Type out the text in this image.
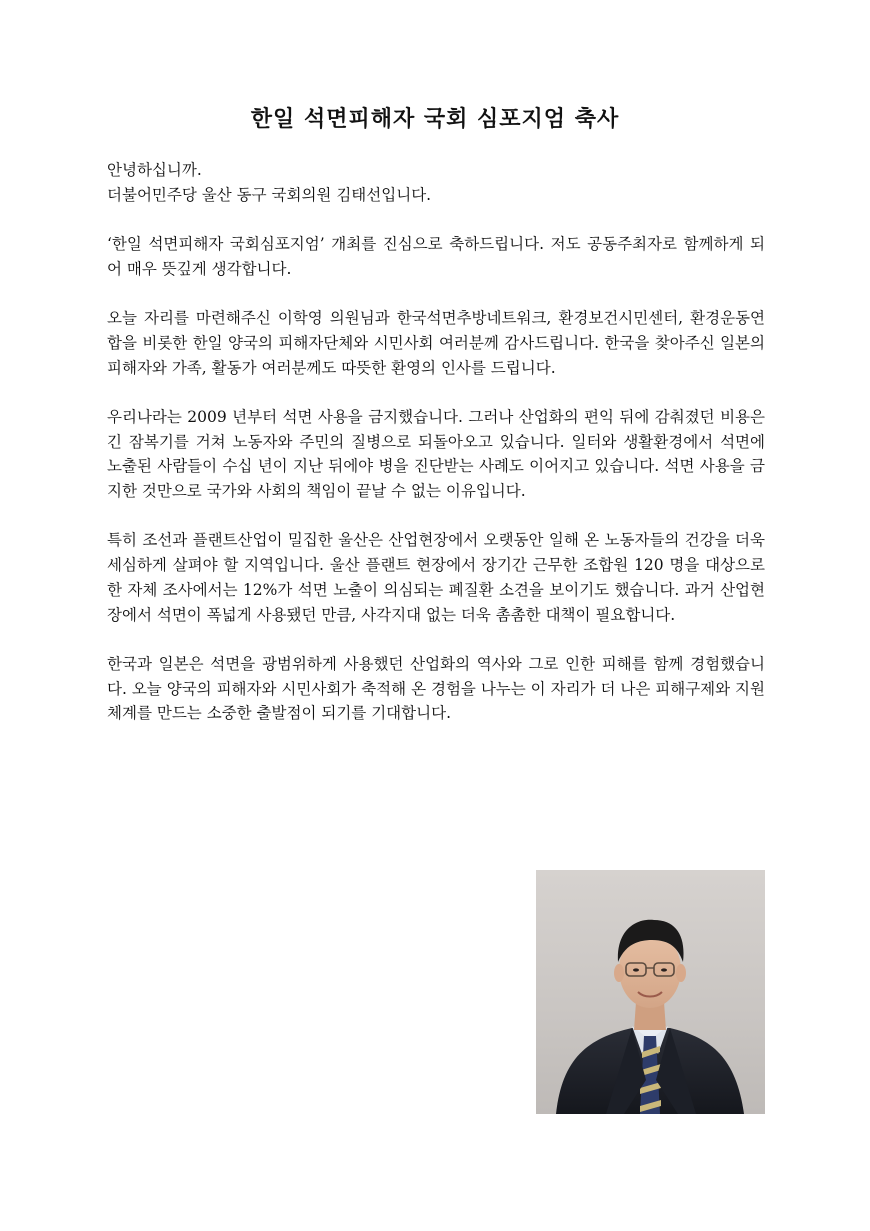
한일 석면피해자 국회 심포지엄 축사

안녕하십니까.
더불어민주당 울산 동구 국회의원 김태선입니다.

‘한일 석면피해자 국회심포지엄’ 개최를 진심으로 축하드립니다. 저도 공동주최자로 함께하게 되어 매우 뜻깊게 생각합니다.

오늘 자리를 마련해주신 이학영 의원님과 한국석면추방네트워크, 환경보건시민센터, 환경운동연합을 비롯한 한일 양국의 피해자단체와 시민사회 여러분께 감사드립니다. 한국을 찾아주신 일본의 피해자와 가족, 활동가 여러분께도 따뜻한 환영의 인사를 드립니다.

우리나라는 2009 년부터 석면 사용을 금지했습니다. 그러나 산업화의 편익 뒤에 감춰졌던 비용은 긴 잠복기를 거쳐 노동자와 주민의 질병으로 되돌아오고 있습니다. 일터와 생활환경에서 석면에 노출된 사람들이 수십 년이 지난 뒤에야 병을 진단받는 사례도 이어지고 있습니다. 석면 사용을 금지한 것만으로 국가와 사회의 책임이 끝날 수 없는 이유입니다.

특히 조선과 플랜트산업이 밀집한 울산은 산업현장에서 오랫동안 일해 온 노동자들의 건강을 더욱 세심하게 살펴야 할 지역입니다. 울산 플랜트 현장에서 장기간 근무한 조합원 120 명을 대상으로 한 자체 조사에서는 12%가 석면 노출이 의심되는 폐질환 소견을 보이기도 했습니다. 과거 산업현장에서 석면이 폭넓게 사용됐던 만큼, 사각지대 없는 더욱 촘촘한 대책이 필요합니다.

한국과 일본은 석면을 광범위하게 사용했던 산업화의 역사와 그로 인한 피해를 함께 경험했습니다. 오늘 양국의 피해자와 시민사회가 축적해 온 경험을 나누는 이 자리가 더 나은 피해구제와 지원체계를 만드는 소중한 출발점이 되기를 기대합니다.
